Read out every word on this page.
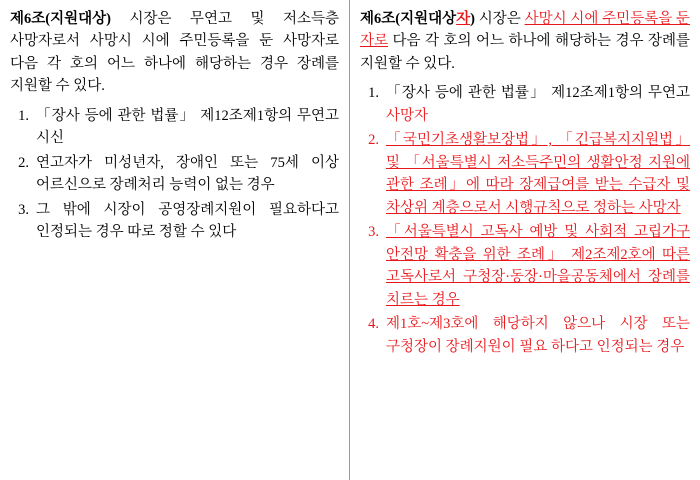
제6조(지원대상) 시장은 무연고 및 저소득층 사망자로서 사망시 시에 주민등록을 둔 사망자로 다음 각 호의 어느 하나에 해당하는 경우 장례를 지원할 수 있다.

1. 「장사 등에 관한 법률」 제12조제1항의 무연고 시신
2. 연고자가 미성년자, 장애인 또는 75세 이상 어르신으로 장례처리 능력이 없는 경우
3. 그 밖에 시장이 공영장례지원이 필요하다고 인정되는 경우 따로 정할 수 있다

제6조(지원대상자) 시장은 사망시 시에 주민등록을 둔 자로 다음 각 호의 어느 하나에 해당하는 경우 장례를 지원할 수 있다.

1. 「장사 등에 관한 법률」 제12조제1항의 무연고 사망자
2. 「국민기초생활보장법」, 「긴급복지지원법」 및 「서울특별시 저소득주민의 생활안정 지원에 관한 조례」에 따라 장제급여를 받는 수급자 및 차상위 계층으로서 시행규칙으로 정하는 사망자
3. 「서울특별시 고독사 예방 및 사회적 고립가구 안전망 확충을 위한 조례」 제2조제2호에 따른 고독사로서 구청장·동장·마을공동체에서 장례를 치르는 경우
4. 제1호~제3호에 해당하지 않으나 시장 또는 구청장이 장례지원이 필요 하다고 인정되는 경우
